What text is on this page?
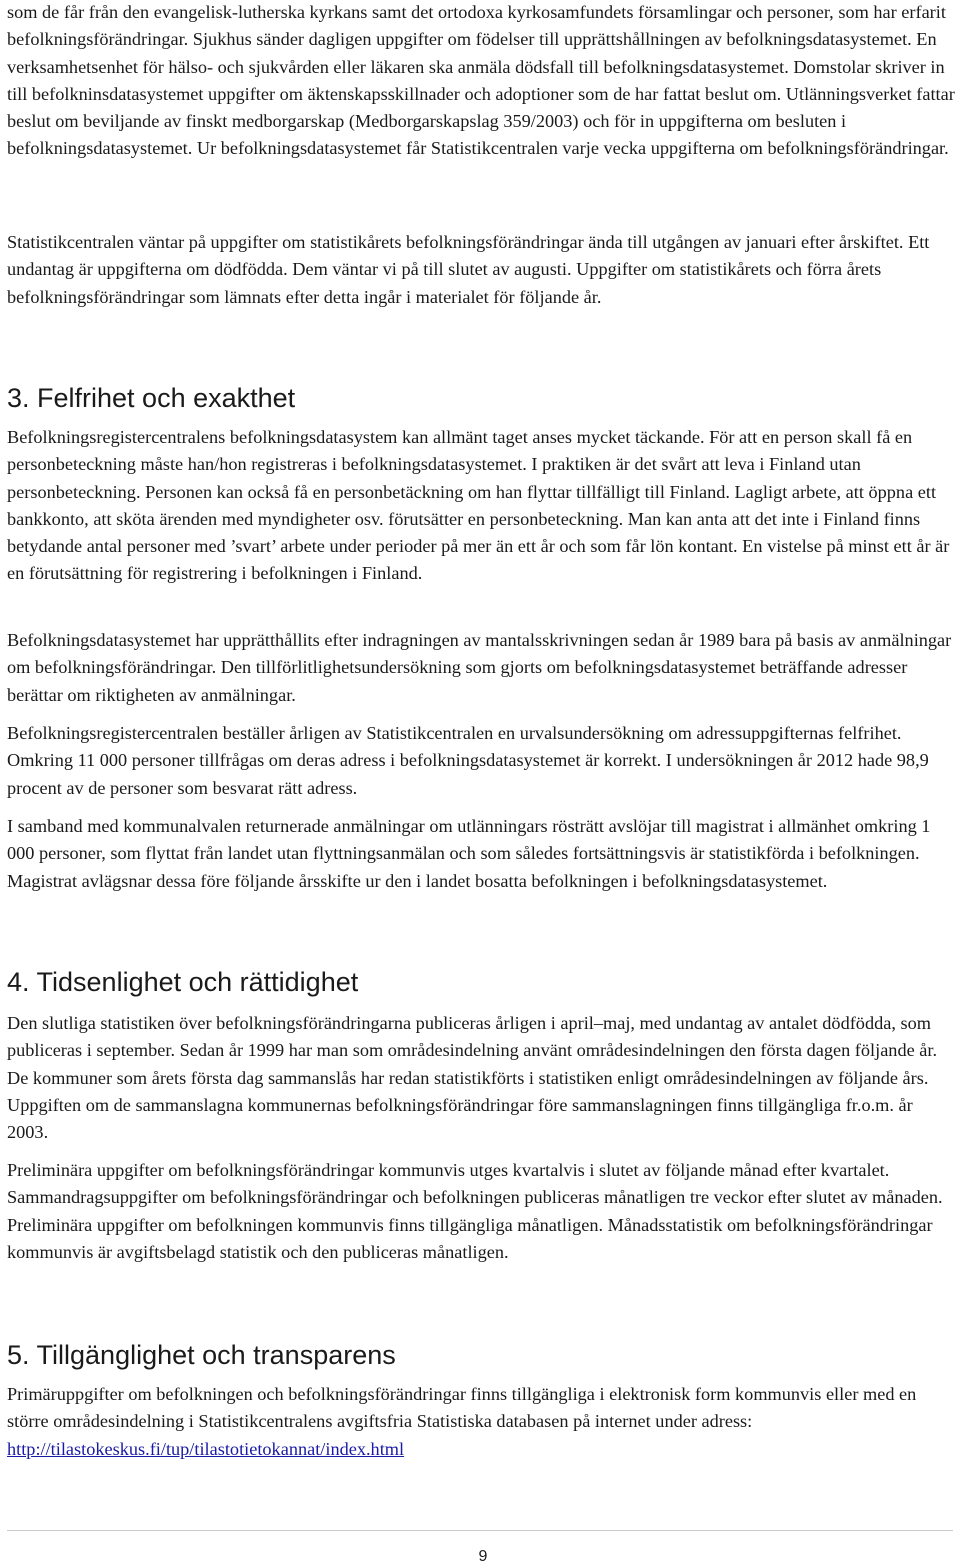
som de får från den evangelisk-lutherska kyrkans samt det ortodoxa kyrkosamfundets församlingar och personer, som har erfarit befolkningsförändringar. Sjukhus sänder dagligen uppgifter om födelser till upprättshållningen av befolkningsdatasystemet. En verksamhetsenhet för hälso- och sjukvården eller läkaren ska anmäla dödsfall till befolkningsdatasystemet. Domstolar skriver in till befolkninsdatasystemet uppgifter om äktenskapsskillnader och adoptioner som de har fattat beslut om. Utlänningsverket fattar beslut om beviljande av finskt medborgarskap (Medborgarskapslag 359/2003) och för in uppgifterna om besluten i befolkningsdatasystemet. Ur befolkningsdatasystemet får Statistikcentralen varje vecka uppgifterna om befolkningsförändringar.

Statistikcentralen väntar på uppgifter om statistikårets befolkningsförändringar ända till utgången av januari efter årskiftet. Ett undantag är uppgifterna om dödfödda. Dem väntar vi på till slutet av augusti. Uppgifter om statistikårets och förra årets befolkningsförändringar som lämnats efter detta ingår i materialet för följande år.

3. Felfrihet och exakthet

Befolkningsregistercentralens befolkningsdatasystem kan allmänt taget anses mycket täckande. För att en person skall få en personbeteckning måste han/hon registreras i befolkningsdatasystemet. I praktiken är det svårt att leva i Finland utan personbeteckning. Personen kan också få en personbetäckning om han flyttar tillfälligt till Finland. Lagligt arbete, att öppna ett bankkonto, att sköta ärenden med myndigheter osv. förutsätter en personbeteckning. Man kan anta att det inte i Finland finns betydande antal personer med ’svart’ arbete under perioder på mer än ett år och som får lön kontant. En vistelse på minst ett år är en förutsättning för registrering i befolkningen i Finland.

Befolkningsdatasystemet har upprätthållits efter indragningen av mantalsskrivningen sedan år 1989 bara på basis av anmälningar om befolkningsförändringar. Den tillförlitlighetsundersökning som gjorts om befolkningsdatasystemet beträffande adresser berättar om riktigheten av anmälningar.

Befolkningsregistercentralen beställer årligen av Statistikcentralen en urvalsundersökning om adressuppgifternas felfrihet. Omkring 11 000 personer tillfrågas om deras adress i befolkningsdatasystemet är korrekt. I undersökningen år 2012 hade 98,9 procent av de personer som besvarat rätt adress.

I samband med kommunalvalen returnerade anmälningar om utlänningars rösträtt avslöjar till magistrat i allmänhet omkring 1 000 personer, som flyttat från landet utan flyttningsanmälan och som således fortsättningsvis är statistikförda i befolkningen. Magistrat avlägsnar dessa före följande årsskifte ur den i landet bosatta befolkningen i befolkningsdatasystemet.

4. Tidsenlighet och rättidighet

Den slutliga statistiken över befolkningsförändringarna publiceras årligen i april–maj, med undantag av antalet dödfödda, som publiceras i september. Sedan år 1999 har man som områdesindelning använt områdesindelningen den första dagen följande år. De kommuner som årets första dag sammanslås har redan statistikförts i statistiken enligt områdesindelningen av följande års. Uppgiften om de sammanslagna kommunernas befolkningsförändringar före sammanslagningen finns tillgängliga fr.o.m. år 2003.

Preliminära uppgifter om befolkningsförändringar kommunvis utges kvartalvis i slutet av följande månad efter kvartalet. Sammandragsuppgifter om befolkningsförändringar och befolkningen publiceras månatligen tre veckor efter slutet av månaden. Preliminära uppgifter om befolkningen kommunvis finns tillgängliga månatligen. Månadsstatistik om befolkningsförändringar kommunvis är avgiftsbelagd statistik och den publiceras månatligen.

5. Tillgänglighet och transparens

Primäruppgifter om befolkningen och befolkningsförändringar finns tillgängliga i elektronisk form kommunvis eller med en större områdesindelning i Statistikcentralens avgiftsfria Statistiska databasen på internet under adress: http://tilastokeskus.fi/tup/tilastotietokannat/index.html

9
